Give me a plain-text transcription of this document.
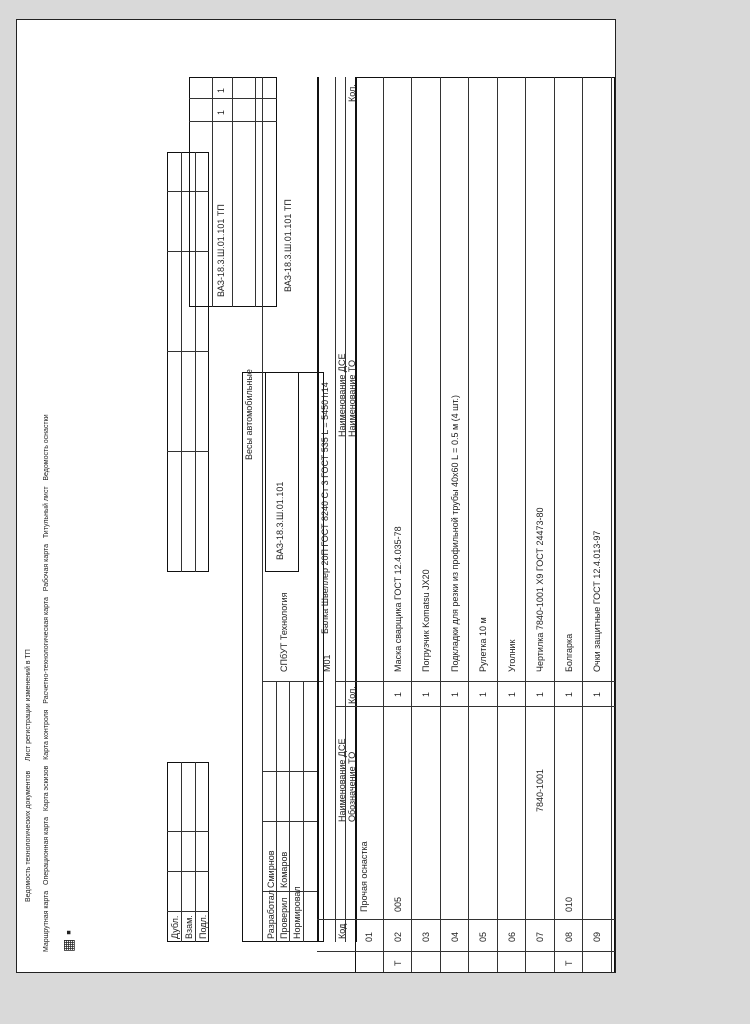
Ведомость технологических документов     Лист регистрации изменений в ТП
Маршрутная карта   Операционная карта   Карта эскизов   Карта контроля   Расчетно-технологическая карта   Рабочая карта   Титульный лист   Ведомость оснастки
▦ ▪
Дубл. Взам. Подл.
ВАЗ-18.3.Ш.01.101 ТП
1
1
Разработал Проверил Нормировал
Смирнов Комаров
СПбУТ Технология
ВАЗ-18.3.Ш.01.101
Весы автомобильные
ВАЗ-18.3.Ш.01.101 ТП
М01
Балка Швеллер 20П ГОСТ 8240 Ст 3 ГОСТ 535 L = 5450 h14
Код
Наименование ДСЕ Обозначение ТО
Наименование ДСЕ Наименование ТО
Кол.
Кол.
01
Прочая оснастка
Т
02
005
1
Маска сварщика ГОСТ 12.4.035-78
03
1
Погрузчик Komatsu JX20
04
1
Подкладки для резки из профильной трубы 40х60 L = 0.5 м (4 шт.)
05
1
Рулетка 10 м
06
1
Уголник
07
7840-1001
1
Чертилка 7840-1001 Х9 ГОСТ 24473-80
Т
08
010
1
Болгарка
09
1
Очки защитные ГОСТ 12.4.013-97
